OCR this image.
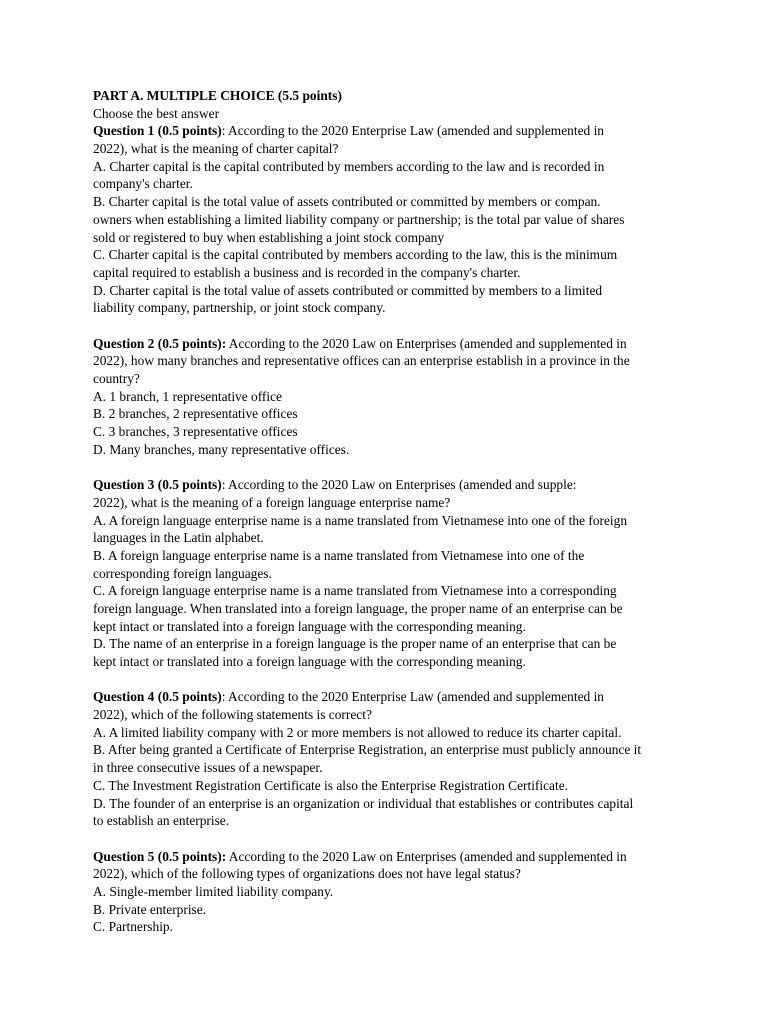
PART A. MULTIPLE CHOICE (5.5 points)
Choose the best answer
Question 1 (0.5 points): According to the 2020 Enterprise Law (amended and supplemented in
2022), what is the meaning of charter capital?
A. Charter capital is the capital contributed by members according to the law and is recorded in
company's charter.
B. Charter capital is the total value of assets contributed or committed by members or compan.
owners when establishing a limited liability company or partnership; is the total par value of shares
sold or registered to buy when establishing a joint stock company
C. Charter capital is the capital contributed by members according to the law, this is the minimum
capital required to establish a business and is recorded in the company's charter.
D. Charter capital is the total value of assets contributed or committed by members to a limited
liability company, partnership, or joint stock company.
Question 2 (0.5 points): According to the 2020 Law on Enterprises (amended and supplemented in
2022), how many branches and representative offices can an enterprise establish in a province in the
country?
A. 1 branch, 1 representative office
B. 2 branches, 2 representative offices
C. 3 branches, 3 representative offices
D. Many branches, many representative offices.
Question 3 (0.5 points): According to the 2020 Law on Enterprises (amended and supple:
2022), what is the meaning of a foreign language enterprise name?
A. A foreign language enterprise name is a name translated from Vietnamese into one of the foreign
languages in the Latin alphabet.
B. A foreign language enterprise name is a name translated from Vietnamese into one of the
corresponding foreign languages.
C. A foreign language enterprise name is a name translated from Vietnamese into a corresponding
foreign language. When translated into a foreign language, the proper name of an enterprise can be
kept intact or translated into a foreign language with the corresponding meaning.
D. The name of an enterprise in a foreign language is the proper name of an enterprise that can be
kept intact or translated into a foreign language with the corresponding meaning.
Question 4 (0.5 points): According to the 2020 Enterprise Law (amended and supplemented in
2022), which of the following statements is correct?
A. A limited liability company with 2 or more members is not allowed to reduce its charter capital.
B. After being granted a Certificate of Enterprise Registration, an enterprise must publicly announce it
in three consecutive issues of a newspaper.
C. The Investment Registration Certificate is also the Enterprise Registration Certificate.
D. The founder of an enterprise is an organization or individual that establishes or contributes capital
to establish an enterprise.
Question 5 (0.5 points): According to the 2020 Law on Enterprises (amended and supplemented in
2022), which of the following types of organizations does not have legal status?
A. Single-member limited liability company.
B. Private enterprise.
C. Partnership.
